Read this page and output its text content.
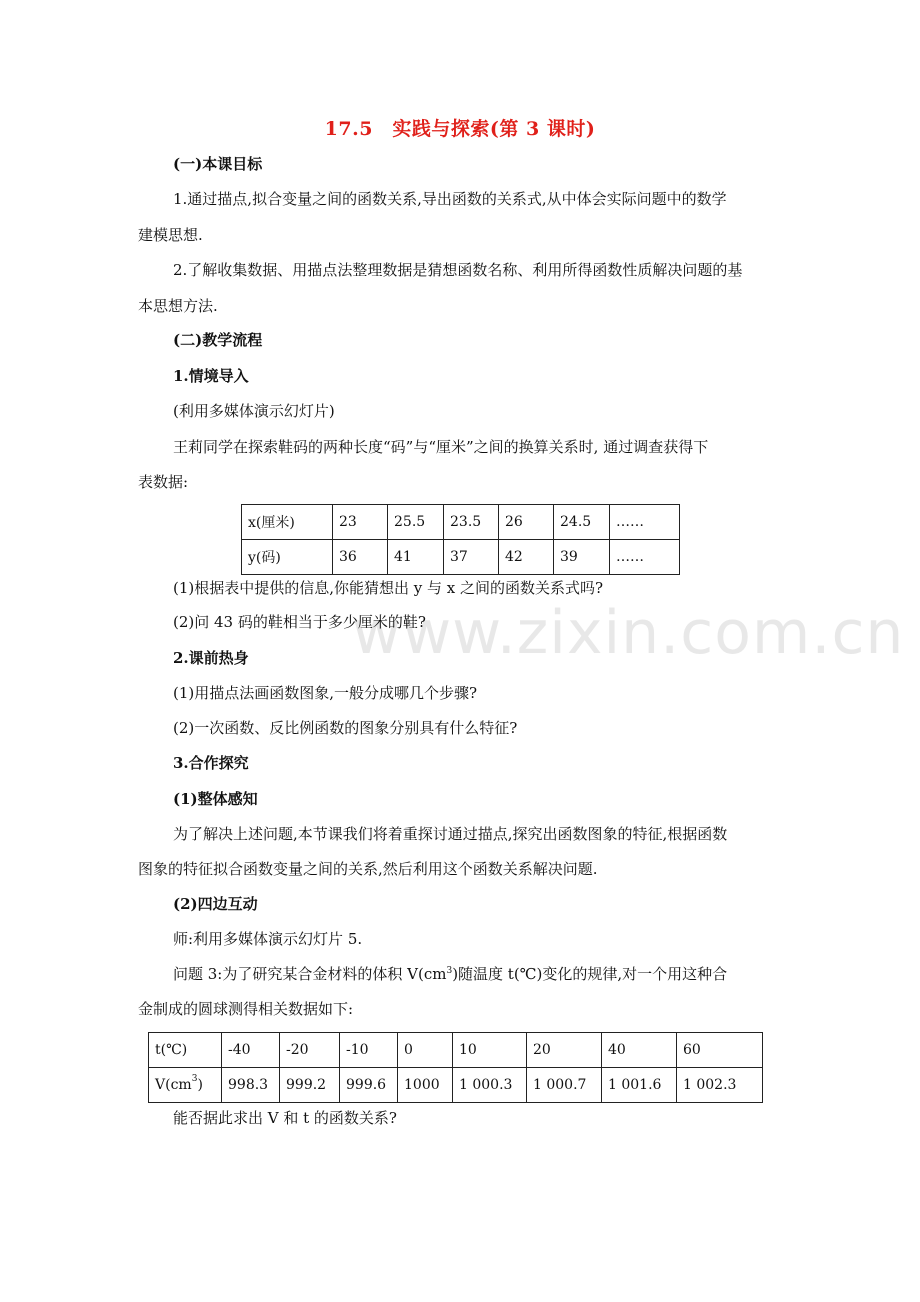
17.5　实践与探索(第 3 课时)
www.zixin.com.cn
(一)本课目标
1.通过描点,拟合变量之间的函数关系,导出函数的关系式,从中体会实际问题中的数学
建模思想.
2.了解收集数据、用描点法整理数据是猜想函数名称、利用所得函数性质解决问题的基
本思想方法.
(二)教学流程
1.情境导入
(利用多媒体演示幻灯片)
王莉同学在探索鞋码的两种长度“码”与“厘米”之间的换算关系时, 通过调查获得下
表数据:
x(厘米)	23	25.5	23.5	26	24.5	……
y(码)	36	41	37	42	39	……
(1)根据表中提供的信息,你能猜想出 y 与 x 之间的函数关系式吗?
(2)问 43 码的鞋相当于多少厘米的鞋?
2.课前热身
(1)用描点法画函数图象,一般分成哪几个步骤?
(2)一次函数、反比例函数的图象分别具有什么特征?
3.合作探究
(1)整体感知
为了解决上述问题,本节课我们将着重探讨通过描点,探究出函数图象的特征,根据函数
图象的特征拟合函数变量之间的关系,然后利用这个函数关系解决问题.
(2)四边互动
师:利用多媒体演示幻灯片 5.
问题 3:为了研究某合金材料的体积 $V(cm^3)$随温度 t(℃)变化的规律,对一个用这种合
金制成的圆球测得相关数据如下:
t(℃)	-40	-20	-10	0	10	20	40	60
$V(cm^3)$	998.3	999.2	999.6	1000	1 000.3	1 000.7	1 001.6	1 002.3
能否据此求出 V 和 t 的函数关系?
